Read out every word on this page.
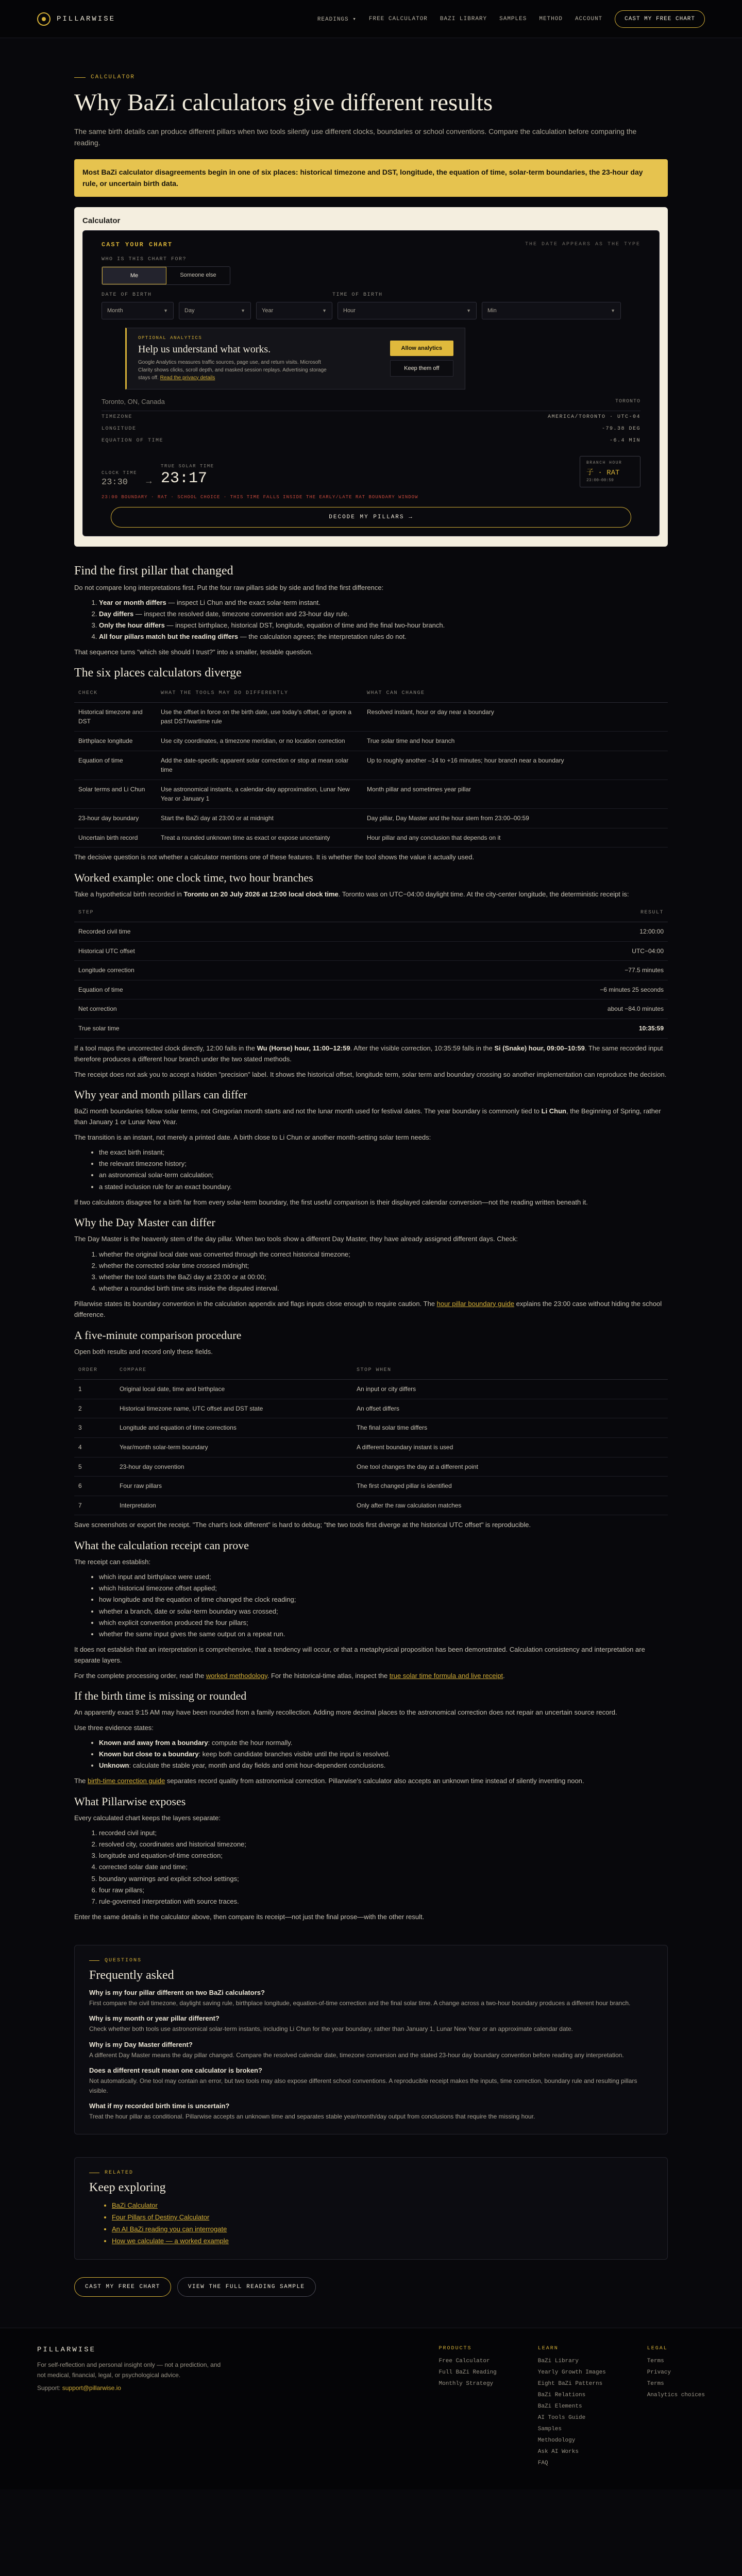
PILLARWISE	READINGS ▾ FREE CALCULATOR BAZI LIBRARY SAMPLES METHOD ACCOUNT	CAST MY FREE CHART
CALCULATOR
Why BaZi calculators give different results

The same birth details can produce different pillars when two tools silently use different clocks, boundaries or school conventions. Compare the calculation before comparing the reading.

Most BaZi calculator disagreements begin in one of six places: historical timezone and DST, longitude, the equation of time, solar-term boundaries, the 23-hour day rule, or uncertain birth data.
Calculator
CAST YOUR CHART	THE DATE APPEARS AS THE TYPE
WHO IS THIS CHART FOR?
Me	Someone else
DATE OF BIRTH	TIME OF BIRTH
Month	▼	Day	▼	Year	▼	Hour	▼	Min	▼
OPTIONAL ANALYTICS
Help us understand what works.

Google Analytics measures traffic sources, page use, and return visits. Microsoft Clarity shows clicks, scroll depth, and masked session replays. Advertising storage stays off. Read the privacy details

Allow analytics
Keep them off
Toronto, ON, Canada	TORONTO
TIMEZONE	AMERICA/TORONTO · UTC-04
LONGITUDE	-79.38 DEG
EQUATION OF TIME	-6.4 MIN
CLOCK TIME
23:30	→
TRUE SOLAR TIME
23:17
BRANCH HOUR
子 · RAT
23:00–00:59
23:00 BOUNDARY · RAT · SCHOOL CHOICE · THIS TIME FALLS INSIDE THE EARLY/LATE RAT BOUNDARY WINDOW
DECODE MY PILLARS →
Find the first pillar that changed

Do not compare long interpretations first. Put the four raw pillars side by side and find the first difference:

1. Year or month differs — inspect Li Chun and the exact solar-term instant.
2. Day differs — inspect the resolved date, timezone conversion and 23-hour day rule.
3. Only the hour differs — inspect birthplace, historical DST, longitude, equation of time and the final two-hour branch.
4. All four pillars match but the reading differs — the calculation agrees; the interpretation rules do not.

That sequence turns "which site should I trust?" into a smaller, testable question.

The six places calculators diverge
CHECK	WHAT THE TOOLS MAY DO DIFFERENTLY	WHAT CAN CHANGE
Historical timezone and DST	Use the offset in force on the birth date, use today's offset, or ignore a past DST/wartime rule	Resolved instant, hour or day near a boundary
Birthplace longitude	Use city coordinates, a timezone meridian, or no location correction	True solar time and hour branch
Equation of time	Add the date-specific apparent solar correction or stop at mean solar time	Up to roughly another –14 to +16 minutes; hour branch near a boundary
Solar terms and Li Chun	Use astronomical instants, a calendar-day approximation, Lunar New Year or January 1	Month pillar and sometimes year pillar
23-hour day boundary	Start the BaZi day at 23:00 or at midnight	Day pillar, Day Master and the hour stem from 23:00–00:59
Uncertain birth record	Treat a rounded unknown time as exact or expose uncertainty	Hour pillar and any conclusion that depends on it

The decisive question is not whether a calculator mentions one of these features. It is whether the tool shows the value it actually used.

Worked example: one clock time, two hour branches

Take a hypothetical birth recorded in Toronto on 20 July 2026 at 12:00 local clock time. Toronto was on UTC−04:00 daylight time. At the city-center longitude, the deterministic receipt is:

STEP	RESULT
Recorded civil time	12:00:00
Historical UTC offset	UTC−04:00
Longitude correction	−77.5 minutes
Equation of time	−6 minutes 25 seconds
Net correction	about −84.0 minutes
True solar time	10:35:59

If a tool maps the uncorrected clock directly, 12:00 falls in the Wu (Horse) hour, 11:00–12:59. After the visible correction, 10:35:59 falls in the Si (Snake) hour, 09:00–10:59. The same recorded input therefore produces a different hour branch under the two stated methods.

The receipt does not ask you to accept a hidden "precision" label. It shows the historical offset, longitude term, solar term and boundary crossing so another implementation can reproduce the decision.

Why year and month pillars can differ

BaZi month boundaries follow solar terms, not Gregorian month starts and not the lunar month used for festival dates. The year boundary is commonly tied to Li Chun, the Beginning of Spring, rather than January 1 or Lunar New Year.

The transition is an instant, not merely a printed date. A birth close to Li Chun or another month-setting solar term needs:

• the exact birth instant;
• the relevant timezone history;
• an astronomical solar-term calculation;
• a stated inclusion rule for an exact boundary.

If two calculators disagree for a birth far from every solar-term boundary, the first useful comparison is their displayed calendar conversion—not the reading written beneath it.

Why the Day Master can differ

The Day Master is the heavenly stem of the day pillar. When two tools show a different Day Master, they have already assigned different days. Check:

1. whether the original local date was converted through the correct historical timezone;
2. whether the corrected solar time crossed midnight;
3. whether the tool starts the BaZi day at 23:00 or at 00:00;
4. whether a rounded birth time sits inside the disputed interval.

Pillarwise states its boundary convention in the calculation appendix and flags inputs close enough to require caution. The hour pillar boundary guide explains the 23:00 case without hiding the school difference.

A five-minute comparison procedure

Open both results and record only these fields.

ORDER	COMPARE	STOP WHEN
1	Original local date, time and birthplace	An input or city differs
2	Historical timezone name, UTC offset and DST state	An offset differs
3	Longitude and equation of time corrections	The final solar time differs
4	Year/month solar-term boundary	A different boundary instant is used
5	23-hour day convention	One tool changes the day at a different point
6	Four raw pillars	The first changed pillar is identified
7	Interpretation	Only after the raw calculation matches

Save screenshots or export the receipt. "The chart's look different" is hard to debug; "the two tools first diverge at the historical UTC offset" is reproducible.

What the calculation receipt can prove

The receipt can establish:

• which input and birthplace were used;
• which historical timezone offset applied;
• how longitude and the equation of time changed the clock reading;
• whether a branch, date or solar-term boundary was crossed;
• which explicit convention produced the four pillars;
• whether the same input gives the same output on a repeat run.

It does not establish that an interpretation is comprehensive, that a tendency will occur, or that a metaphysical proposition has been demonstrated. Calculation consistency and interpretation are separate layers.

For the complete processing order, read the worked methodology. For the historical-time atlas, inspect the true solar time formula and live receipt.

If the birth time is missing or rounded

An apparently exact 9:15 AM may have been rounded from a family recollection. Adding more decimal places to the astronomical correction does not repair an uncertain source record.

Use three evidence states:

• Known and away from a boundary: compute the hour normally.
• Known but close to a boundary: keep both candidate branches visible until the input is resolved.
• Unknown: calculate the stable year, month and day fields and omit hour-dependent conclusions.

The birth-time correction guide separates record quality from astronomical correction. Pillarwise's calculator also accepts an unknown time instead of silently inventing noon.

What Pillarwise exposes

Every calculated chart keeps the layers separate:

1. recorded civil input;
2. resolved city, coordinates and historical timezone;
3. longitude and equation-of-time correction;
4. corrected solar date and time;
5. boundary warnings and explicit school settings;
6. four raw pillars;
7. rule-governed interpretation with source traces.

Enter the same details in the calculator above, then compare its receipt—not just the final prose—with the other result.

QUESTIONS
Frequently asked
Why is my four pillar different on two BaZi calculators?
First compare the civil timezone, daylight saving rule, birthplace longitude, equation-of-time correction and the final solar time. A change across a two-hour boundary produces a different hour branch.
Why is my month or year pillar different?
Check whether both tools use astronomical solar-term instants, including Li Chun for the year boundary, rather than January 1, Lunar New Year or an approximate calendar date.
Why is my Day Master different?
A different Day Master means the day pillar changed. Compare the resolved calendar date, timezone conversion and the stated 23-hour day boundary convention before reading any interpretation.
Does a different result mean one calculator is broken?
Not automatically. One tool may contain an error, but two tools may also expose different school conventions. A reproducible receipt makes the inputs, time correction, boundary rule and resulting pillars visible.
What if my recorded birth time is uncertain?
Treat the hour pillar as conditional. Pillarwise accepts an unknown time and separates stable year/month/day output from conclusions that require the missing hour.
RELATED
Keep exploring
• BaZi Calculator
• Four Pillars of Destiny Calculator
• An AI BaZi reading you can interrogate
• How we calculate — a worked example
CAST MY FREE CHART	VIEW THE FULL READING SAMPLE
PILLARWISE

For self-reflection and personal insight only — not a prediction, and not medical, financial, legal, or psychological advice.

Support: support@pillarwise.io
PRODUCTS
Free Calculator
Full BaZi Reading
Monthly Strategy
LEARN
BaZi Library
Yearly Growth Images
Eight BaZi Patterns
BaZi Relations
BaZi Elements
AI Tools Guide
Samples
Methodology
Ask AI Works
FAQ
LEGAL
Terms
Privacy
Terms
Analytics choices
